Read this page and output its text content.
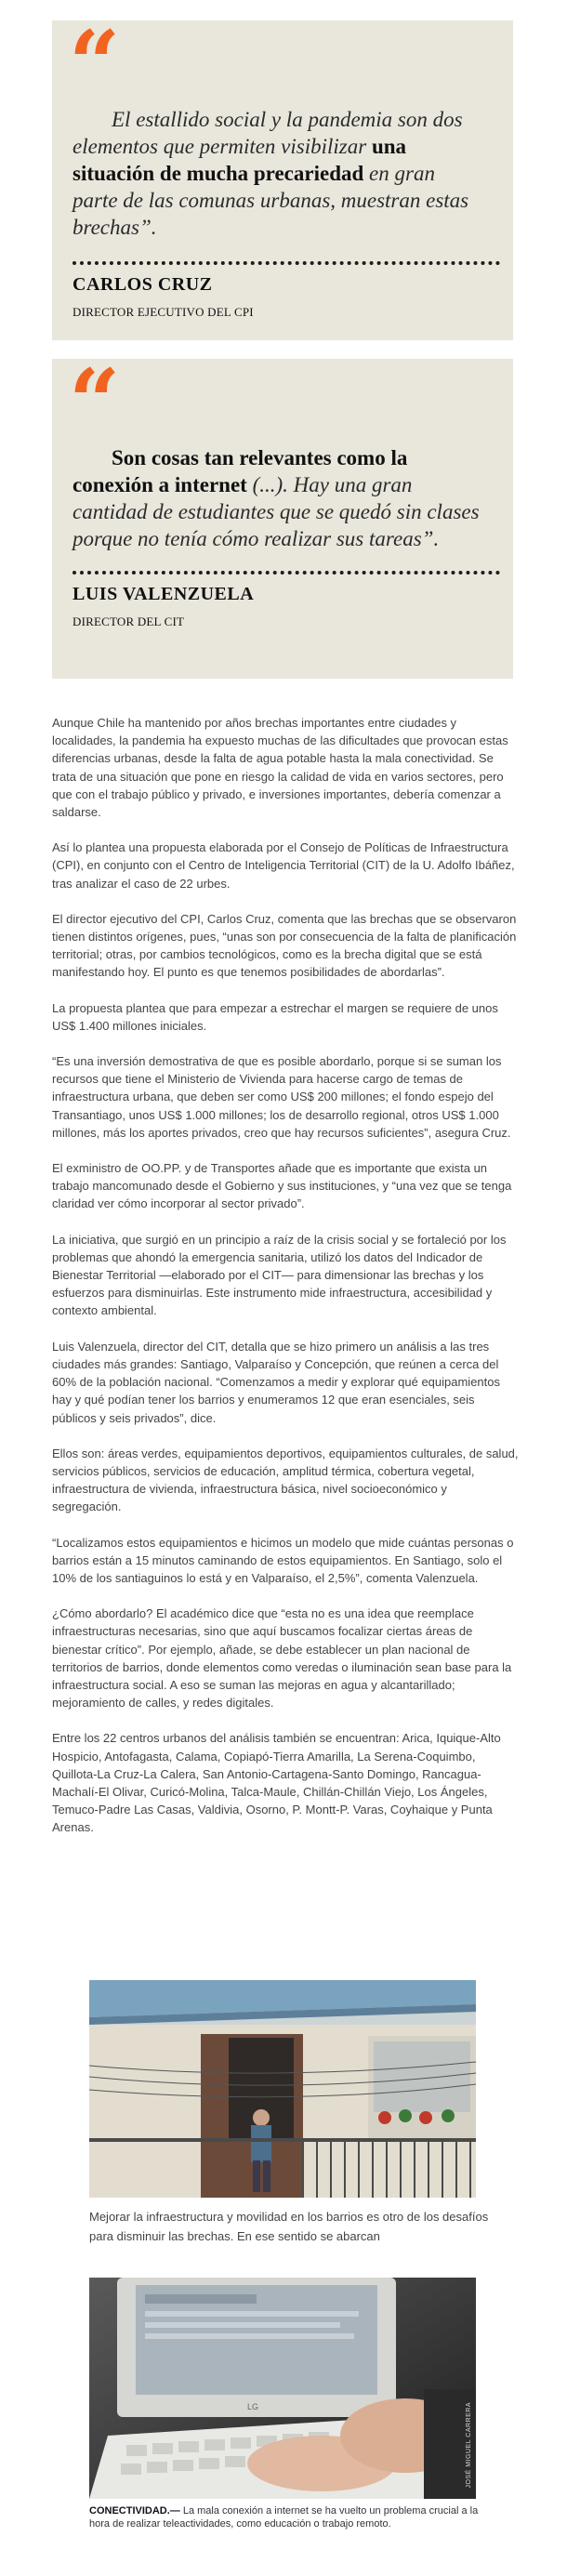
“
El estallido social y la pandemia son dos elementos que permiten visibilizar una situación de mucha precariedad en gran parte de las comunas urbanas, muestran estas brechas”.
CARLOS CRUZ
DIRECTOR EJECUTIVO DEL CPI
“
Son cosas tan relevantes como la conexión a internet (...). Hay una gran cantidad de estudiantes que se quedó sin clases porque no tenía cómo realizar sus tareas”.
LUIS VALENZUELA
DIRECTOR DEL CIT

Aunque Chile ha mantenido por años brechas importantes entre ciudades y localidades, la pandemia ha expuesto muchas de las dificultades que provocan estas diferencias urbanas, desde la falta de agua potable hasta la mala conectividad. Se trata de una situación que pone en riesgo la calidad de vida en varios sectores, pero que con el trabajo público y privado, e inversiones importantes, debería comenzar a saldarse.

Así lo plantea una propuesta elaborada por el Consejo de Políticas de Infraestructura (CPI), en conjunto con el Centro de Inteligencia Territorial (CIT) de la U. Adolfo Ibáñez, tras analizar el caso de 22 urbes.

El director ejecutivo del CPI, Carlos Cruz, comenta que las brechas que se observaron tienen distintos orígenes, pues, “unas son por consecuencia de la falta de planificación territorial; otras, por cambios tecnológicos, como es la brecha digital que se está manifestando hoy. El punto es que tenemos posibilidades de abordarlas”.

La propuesta plantea que para empezar a estrechar el margen se requiere de unos US$ 1.400 millones iniciales.

“Es una inversión demostrativa de que es posible abordarlo, porque si se suman los recursos que tiene el Ministerio de Vivienda para hacerse cargo de temas de infraestructura urbana, que deben ser como US$ 200 millones; el fondo espejo del Transantiago, unos US$ 1.000 millones; los de desarrollo regional, otros US$ 1.000 millones, más los aportes privados, creo que hay recursos suficientes”, asegura Cruz.

El exministro de OO.PP. y de Transportes añade que es importante que exista un trabajo mancomunado desde el Gobierno y sus instituciones, y “una vez que se tenga claridad ver cómo incorporar al sector privado”.

La iniciativa, que surgió en un principio a raíz de la crisis social y se fortaleció por los problemas que ahondó la emergencia sanitaria, utilizó los datos del Indicador de Bienestar Territorial —elaborado por el CIT— para dimensionar las brechas y los esfuerzos para disminuirlas. Este instrumento mide infraestructura, accesibilidad y contexto ambiental.

Luis Valenzuela, director del CIT, detalla que se hizo primero un análisis a las tres ciudades más grandes: Santiago, Valparaíso y Concepción, que reúnen a cerca del 60% de la población nacional. “Comenzamos a medir y explorar qué equipamientos hay y qué podían tener los barrios y enumeramos 12 que eran esenciales, seis públicos y seis privados”, dice.

Ellos son: áreas verdes, equipamientos deportivos, equipamientos culturales, de salud, servicios públicos, servicios de educación, amplitud térmica, cobertura vegetal, infraestructura de vivienda, infraestructura básica, nivel socioeconómico y segregación.

“Localizamos estos equipamientos e hicimos un modelo que mide cuántas personas o barrios están a 15 minutos caminando de estos equipamientos. En Santiago, solo el 10% de los santiaguinos lo está y en Valparaíso, el 2,5%”, comenta Valenzuela.

¿Cómo abordarlo? El académico dice que “esta no es una idea que reemplace infraestructuras necesarias, sino que aquí buscamos focalizar ciertas áreas de bienestar crítico”. Por ejemplo, añade, se debe establecer un plan nacional de territorios de barrios, donde elementos como veredas o iluminación sean base para la infraestructura social. A eso se suman las mejoras en agua y alcantarillado; mejoramiento de calles, y redes digitales.

Entre los 22 centros urbanos del análisis también se encuentran: Arica, Iquique-Alto Hospicio, Antofagasta, Calama, Copiapó-Tierra Amarilla, La Serena-Coquimbo, Quillota-La Cruz-La Calera, San Antonio-Cartagena-Santo Domingo, Rancagua-Machalí-El Olivar, Curicó-Molina, Talca-Maule, Chillán-Chillán Viejo, Los Ángeles, Temuco-Padre Las Casas, Valdivia, Osorno, P. Montt-P. Varas, Coyhaique y Punta Arenas.

Mejorar la infraestructura y movilidad en los barrios es otro de los desafíos para disminuir las brechas. En ese sentido se abarcan
LG	JOSÉ MIGUEL CARRERA
CONECTIVIDAD.— La mala conexión a internet se ha vuelto un problema crucial a la hora de realizar teleactividades, como educación o trabajo remoto.
